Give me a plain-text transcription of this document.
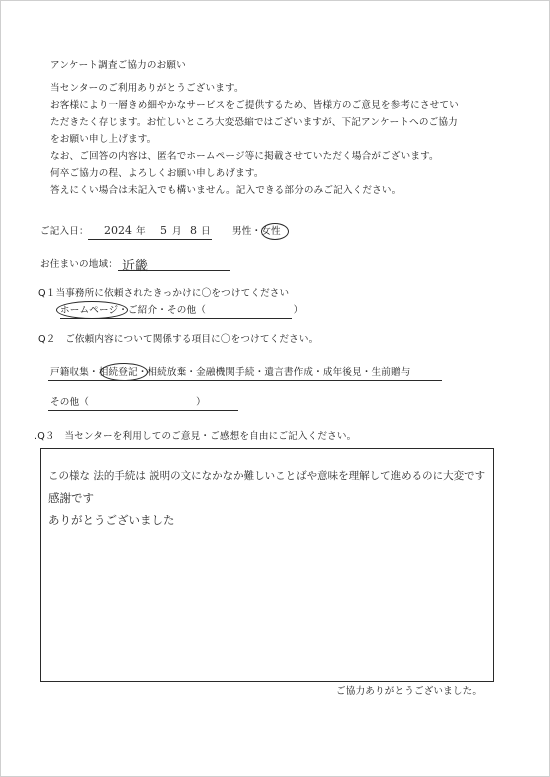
アンケート調査ご協力のお願い
当センターのご利用ありがとうございます。
お客様により一層きめ細やかなサービスをご提供するため、皆様方のご意見を参考にさせてい
ただきたく存じます。お忙しいところ大変恐縮ではございますが、下記アンケートへのご協力
をお願い申し上げます。
なお、ご回答の内容は、匿名でホームページ等に掲載させていただく場合がございます。
何卒ご協力の程、よろしくお願い申しあげます。
答えにくい場合は未記入でも構いません。記入できる部分のみご記入ください。
ご記入日： 2024 年 5 月 8 日 男性・女性
お住まいの地域： 近畿
Q１当事務所に依頼されたきっかけに〇をつけてください
ホームページ・ご紹介・その他（　　　　　　　　　）
Q２　ご依頼内容について関係する項目に〇をつけてください。
戸籍収集・相続登記・相続放棄・金融機関手続・遺言書作成・成年後見・生前贈与
その他（　　　　　　　　　　　）
.Q３　当センターを利用してのご意見・ご感想を自由にご記入ください。
この様な 法的手続は 説明の文になかなか難しいことばや意味を理解して進めるのに大変です
感謝です
ありがとうございました
ご協力ありがとうございました。
